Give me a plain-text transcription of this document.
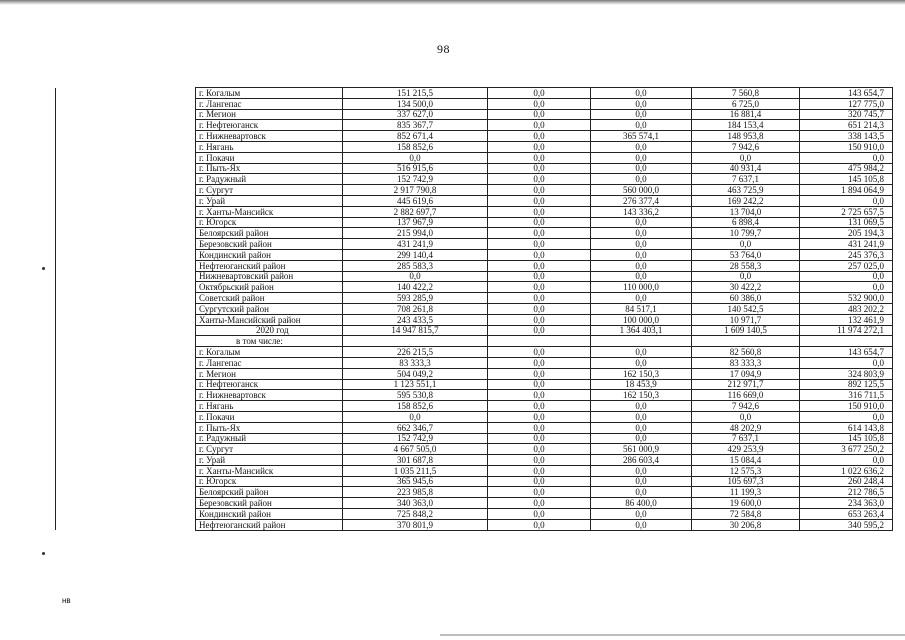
98
	г. Когалым	151 215,5	0,0	0,0	7 560,8	143 654,7
	г. Лангепас	134 500,0	0,0	0,0	6 725,0	127 775,0
	г. Мегион	337 627,0	0,0	0,0	16 881,4	320 745,7
	г. Нефтеюганск	835 367,7	0,0	0,0	184 153,4	651 214,3
	г. Нижневартовск	852 671,4	0,0	365 574,1	148 953,8	338 143,5
	г. Нягань	158 852,6	0,0	0,0	7 942,6	150 910,0
	г. Покачи	0,0	0,0	0,0	0,0	0,0
	г. Пыть-Ях	516 915,6	0,0	0,0	40 931,4	475 984,2
	г. Радужный	152 742,9	0,0	0,0	7 637,1	145 105,8
	г. Сургут	2 917 790,8	0,0	560 000,0	463 725,9	1 894 064,9
	г. Урай	445 619,6	0,0	276 377,4	169 242,2	0,0
	г. Ханты-Мансийск	2 882 697,7	0,0	143 336,2	13 704,0	2 725 657,5
	г. Югорск	137 967,9	0,0	0,0	6 898,4	131 069,5
	Белоярский район	215 994,0	0,0	0,0	10 799,7	205 194,3
	Березовский район	431 241,9	0,0	0,0	0,0	431 241,9
	Кондинский район	299 140,4	0,0	0,0	53 764,0	245 376,3
	Нефтеюганский район	285 583,3	0,0	0,0	28 558,3	257 025,0
	Нижневартовский район	0,0	0,0	0,0	0,0	0,0
	Октябрьский район	140 422,2	0,0	110 000,0	30 422,2	0,0
	Советский район	593 285,9	0,0	0,0	60 386,0	532 900,0
	Сургутский район	708 261,8	0,0	84 517,1	140 542,5	483 202,2
	Ханты-Мансийский район	243 433,5	0,0	100 000,0	10 971,7	132 461,9
	2020 год	14 947 815,7	0,0	1 364 403,1	1 609 140,5	11 974 272,1
	в том числе:					
	г. Когалым	226 215,5	0,0	0,0	82 560,8	143 654,7
	г. Лангепас	83 333,3	0,0	0,0	83 333,3	0,0
	г. Мегион	504 049,2	0,0	162 150,3	17 094,9	324 803,9
	г. Нефтеюганск	1 123 551,1	0,0	18 453,9	212 971,7	892 125,5
	г. Нижневартовск	595 530,8	0,0	162 150,3	116 669,0	316 711,5
	г. Нягань	158 852,6	0,0	0,0	7 942,6	150 910,0
	г. Покачи	0,0	0,0	0,0	0,0	0,0
	г. Пыть-Ях	662 346,7	0,0	0,0	48 202,9	614 143,8
	г. Радужный	152 742,9	0,0	0,0	7 637,1	145 105,8
	г. Сургут	4 667 505,0	0,0	561 000,9	429 253,9	3 677 250,2
	г. Урай	301 687,8	0,0	286 603,4	15 084,4	0,0
	г. Ханты-Мансийск	1 035 211,5	0,0	0,0	12 575,3	1 022 636,2
	г. Югорск	365 945,6	0,0	0,0	105 697,3	260 248,4
	Белоярский район	223 985,8	0,0	0,0	11 199,3	212 786,5
	Березовский район	340 363,0	0,0	86 400,0	19 600,0	234 363,0
	Кондинский район	725 848,2	0,0	0,0	72 584,8	653 263,4
	Нефтеюганский район	370 801,9	0,0	0,0	30 206,8	340 595,2
нв
